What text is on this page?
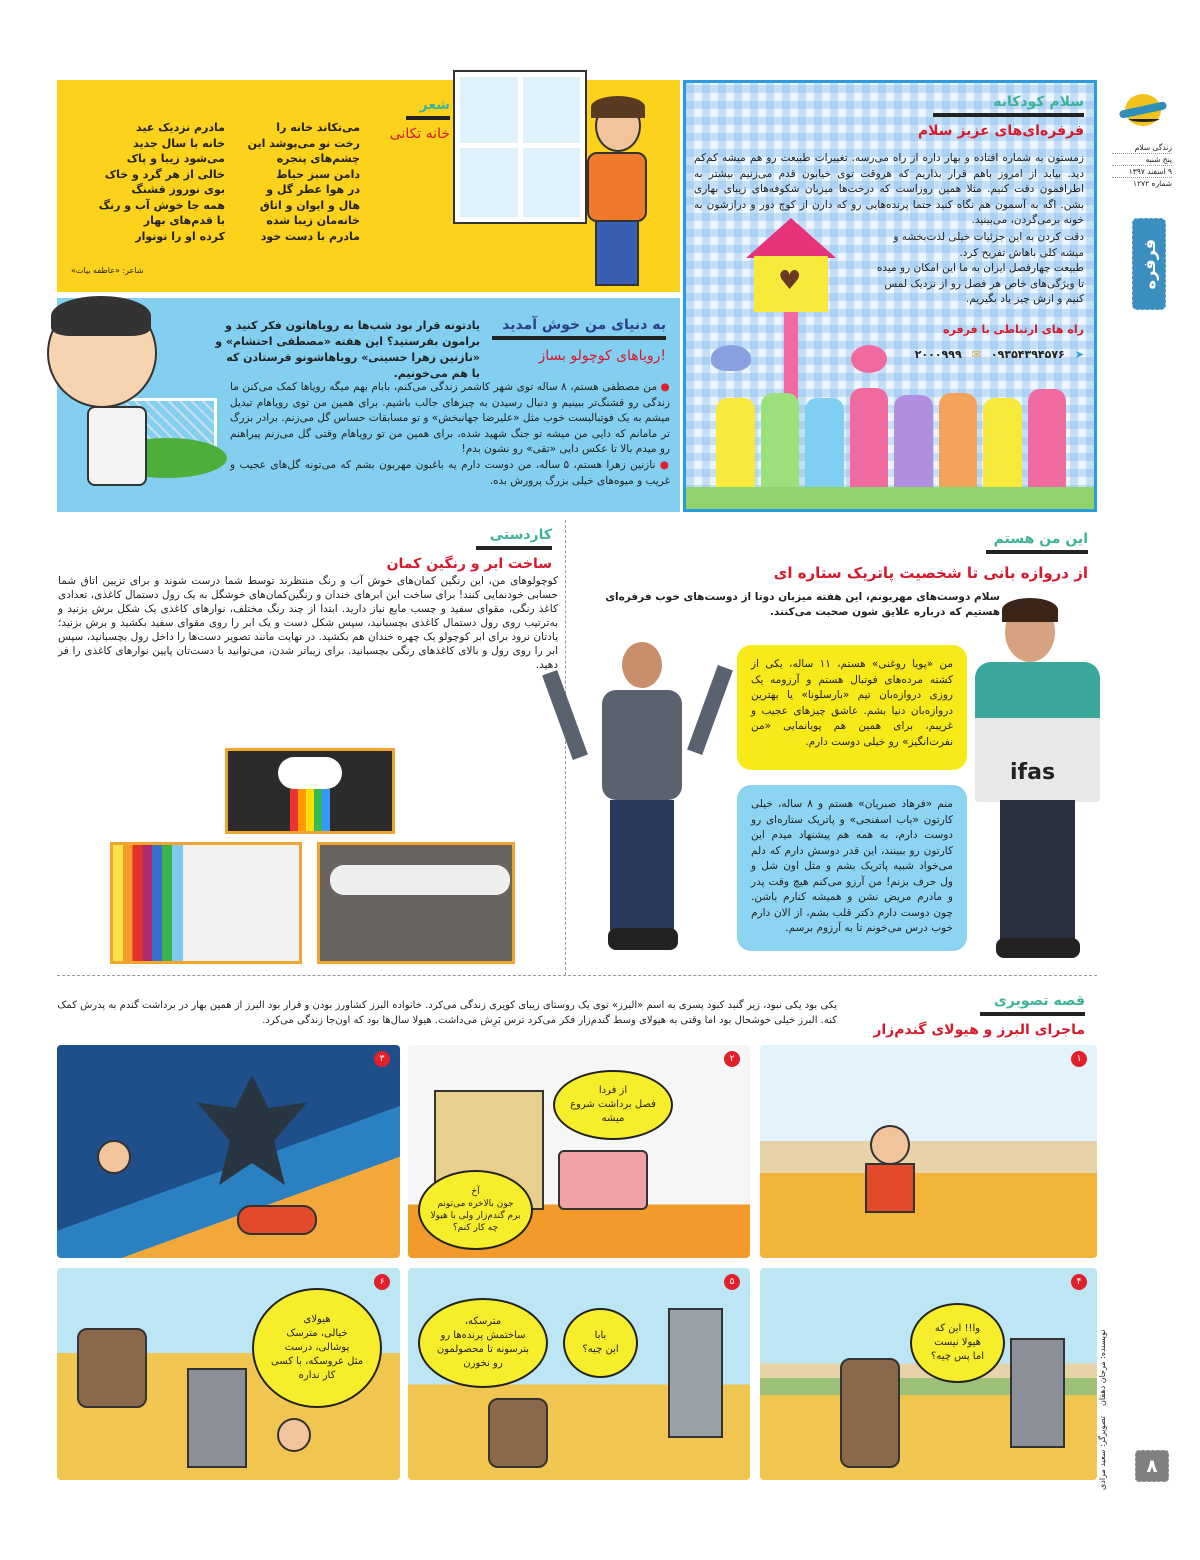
زندگی سلام
پنج شنبه
۹ اسفند ۱۳۹۷
شماره ۱۲۷۲
فرفره
سلام کودکانه
فرفره‌ای‌های عزیز سلام
زمستون به شماره افتاده و بهار داره از راه می‌رسه. تغییرات طبیعت رو هم میشه کم‌کم دید. بیاید از امروز باهم قرار بذاریم که هروقت توی خیابون قدم می‌زنیم بیشتر به اطرافمون دقت کنیم. مثلا همین روزاست که درخت‌ها میزبان شکوفه‌های زیبای بهاری بشن. اگه به آسمون هم نگاه کنید حتما پرنده‌هایی رو که دارن از کوچ دور و درازشون به خونه برمی‌گردن، می‌بینید.
دقت کردن به این جزئیات خیلی لذت‌بخشه و میشه کلی باهاش تفریح کرد.
طبیعت چهارفصل ایران به ما این امکان رو میده تا ویژگی‌های خاص هر فصل رو از نزدیک لمس کنیم و ازش چیز یاد بگیریم.
راه های ارتباطی با فرفره
➤
۰۹۳۵۴۳۹۴۵۷۶
✉
۲۰۰۰۹۹۹
♥
شعر
خانه تکانی
می‌تکاند خانه را
رخت نو می‌پوشد این
چشم‌های پنجره
دامن سبز حیاط
در هوا عطر گل و
هال و ایوان و اتاق
خانه‌مان زیبا شده
مادرم با دست خود
مادرم نزدیک عید
خانه با سال جدید
می‌شود زیبا و پاک
خالی از هر گرد و خاک
بوی نوروز قشنگ
همه جا خوش آب و رنگ
با قدم‌های بهار
کرده او را نونوار
شاعر: «عاطفه بیات»
به دنیای من خوش آمدید
رویاهای کوچولو بساز!
یادتونه قرار بود شب‌ها به رویاهاتون فکر کنید و برامون بفرستید؟ این هفته «مصطفی احتشام» و «نازنین زهرا حسینی» رویاهاشونو فرستادن که با هم می‌خونیم.
● من مصطفی هستم، ۸ ساله توی شهر کاشمر زندگی می‌کنم، بابام بهم میگه رویاها کمک می‌کنن ما زندگی رو قشنگ‌تر ببینیم و دنبال رسیدن به چیزهای جالب باشیم. برای همین من توی رویاهام تبدیل میشم به یک فوتبالیست خوب مثل «علیرضا جهانبخش» و تو مسابقات حساس گل می‌زنم. برادر بزرگ تر مامانم که دایی من میشه تو جنگ شهید شده، برای همین من تو رویاهام وقتی گل می‌زنم پیراهنم رو میدم بالا تا عکس دایی «تقی» رو نشون بدم!
● نازنین زهرا هستم، ۵ ساله، من دوست دارم یه باغبون مهربون بشم که می‌تونه گل‌های عجیب و غریب و میوه‌های خیلی بزرگ پرورش بده.
کاردستی
ساخت ابر و رنگین کمان
کوچولوهای من، این رنگین کمان‌های خوش آب و رنگ منتظرند توسط شما درست شوند و برای تزیین اتاق شما حسابی خودنمایی کنند! برای ساخت این ابرهای خندان و رنگین‌کمان‌های خوشگل به یک رول دستمال کاغذی، تعدادی کاغذ رنگی، مقوای سفید و چسب مایع نیاز دارید. ابتدا از چند رنگ مختلف، نوارهای کاغذی یک شکل برش بزنید و به‌ترتیب روی رول دستمال کاغذی بچسبانید، سپس شکل دست و یک ابر را روی مقوای سفید بکشید و برش بزنید؛ یادتان نرود برای ابر کوچولو یک چهره خندان هم بکشید. در نهایت مانند تصویر دست‌ها را داخل رول بچسبانید، سپس ابر را روی رول و بالای کاغذهای رنگی بچسبانید. برای زیباتر شدن، می‌توانید با دست‌تان پایین نوارهای کاغذی را فر دهید.
این من هستم
از دروازه بانی تا شخصیت پاتریک ستاره ای
سلام دوست‌های مهربونم، این هفته میزبان دوتا از دوست‌های خوب فرفره‌ای هستیم که درباره علایق شون صحبت می‌کنند.
من «پویا روغنی» هستم، ۱۱ ساله، یکی از کشته مرده‌های فوتبال هستم و آرزومه یک روزی دروازه‌بان تیم «بارسلونا» یا بهترین دروازه‌بان دنیا بشم. عاشق چیزهای عجیب و غریبم، برای همین هم پویانمایی «من نفرت‌انگیز» رو خیلی دوست دارم.
منم «فرهاد صبریان» هستم و ۸ ساله، خیلی کارتون «باب اسفنجی» و پاتریک ستاره‌ای رو دوست دارم، به همه هم پیشنهاد میدم این کارتون رو ببینند، این قدر دوسش دارم که دلم می‌خواد شبیه پاتریک بشم و مثل اون شل و ول حرف بزنم! من آرزو می‌کنم هیچ وقت پدر و مادرم مریض نشن و همیشه کنارم باشن. چون دوست دارم دکتر قلب بشم، از الان دارم خوب درس می‌خونم تا به آرزوم برسم.
ifas
قصه تصویری
ماجرای البرز و هیولای گندم‌زار
یکی بود یکی نبود، زیر گنبد کبود پسری به اسم «البرز» توی یک روستای زیبای کویری زندگی می‌کرد. خانواده البرز کشاورز بودن و قرار بود البرز از همین بهار در برداشت گندم به پدرش کمک کنه. البرز خیلی خوشحال بود اما وقتی به هیولای وسط گندم‌زار فکر می‌کرد ترس بَرِش می‌داشت. هیولا سال‌ها بود که اون‌جا زندگی می‌کرد.
۱
۲
از فردا
فصل برداشت شروع
میشه
آخ
جون بالاخره می‌تونم
برم گندم‌زار ولی با هیولا
چه کار کنم؟
۳
۴
وا!! این که
هیولا نیست
اما پس چیه؟
۵
بابا
این چیه؟
مترسکه،
ساختمش پرنده‌ها رو
بترسونه تا محصولمون
رو نخورن
۶
هیولای
خیالی، مترسک
پوشالی، درست
مثل عروسکه، با کسی
کار نداره	نویسنده: مرجان دهقان    تصویرگر: سعید مرادی ۸
